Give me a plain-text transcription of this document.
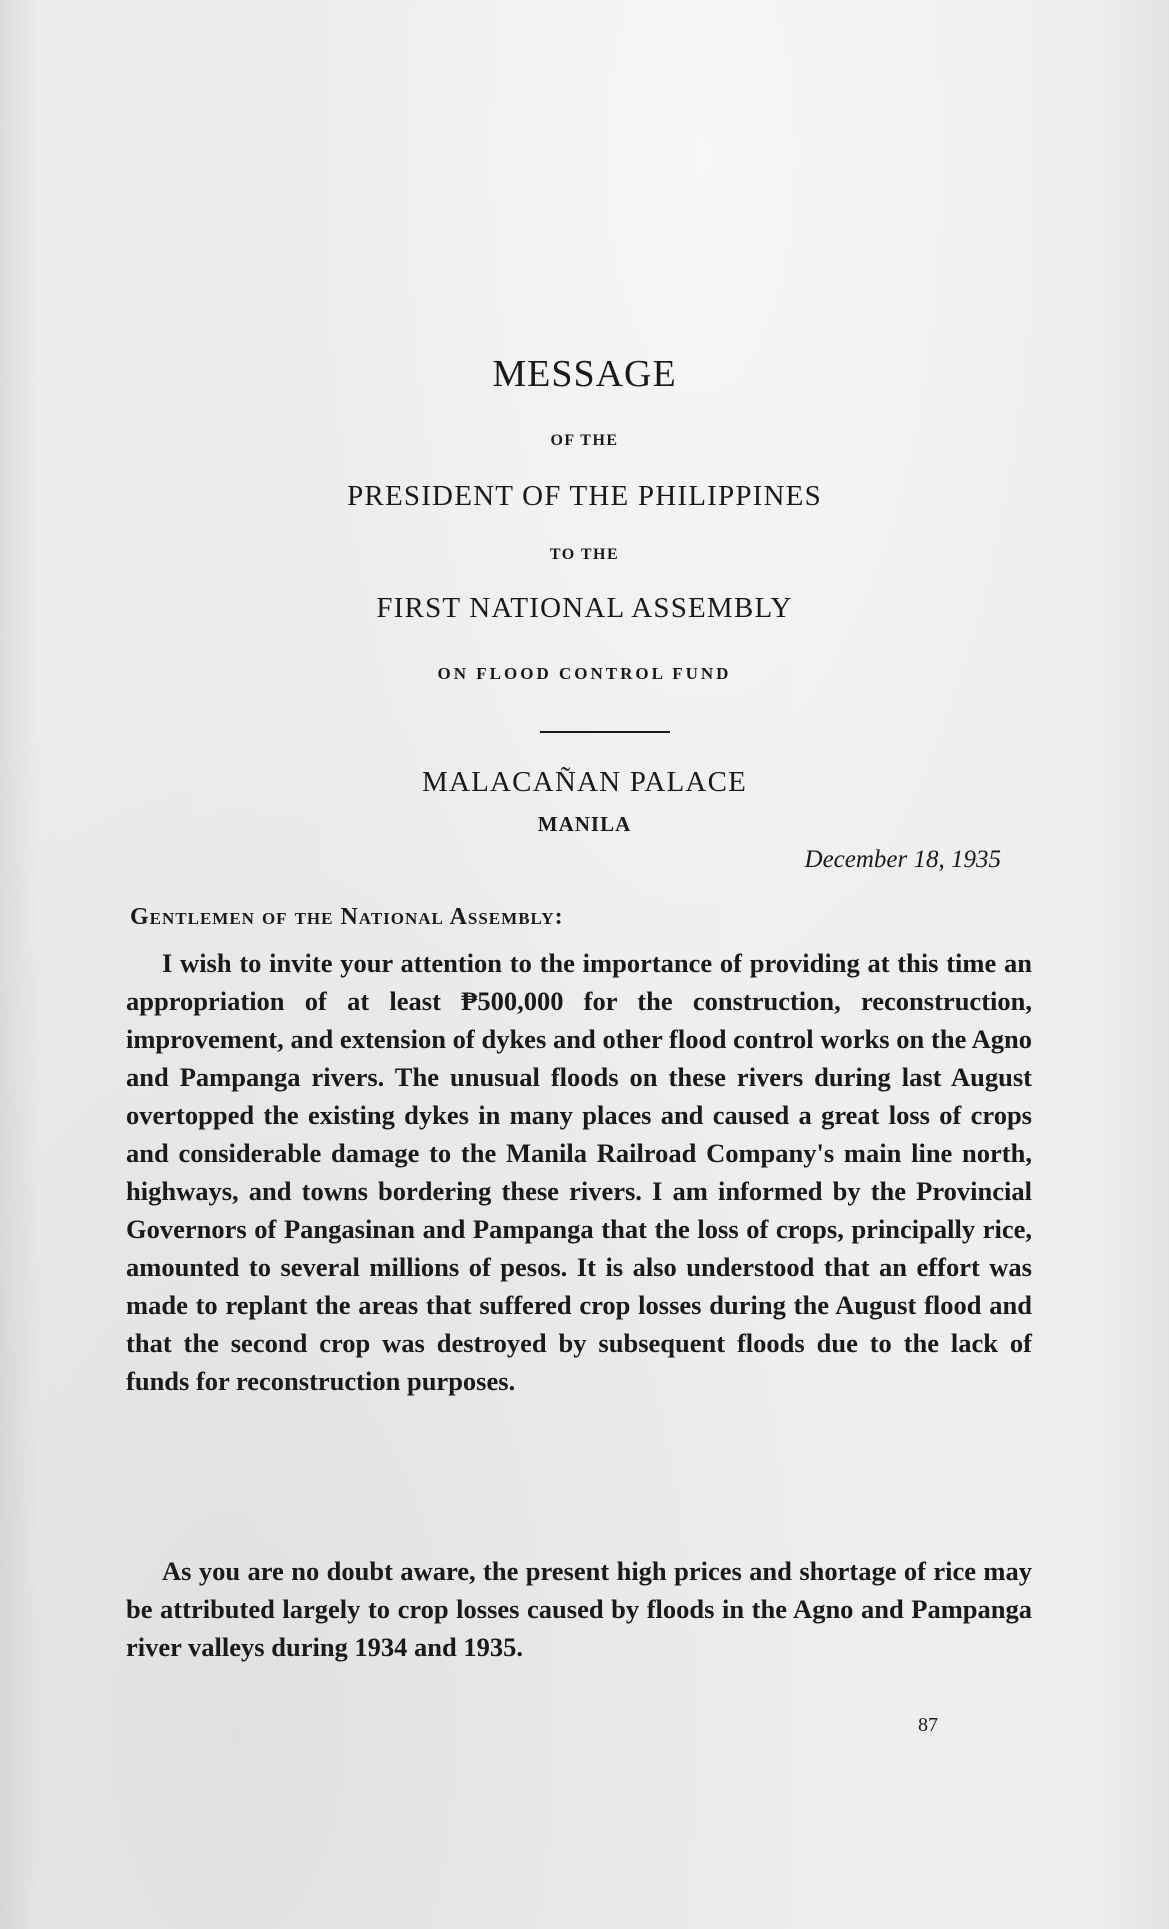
MESSAGE
OF THE
PRESIDENT OF THE PHILIPPINES
TO THE
FIRST NATIONAL ASSEMBLY
ON FLOOD CONTROL FUND
MALACAÑAN PALACE
MANILA
December 18, 1935
Gentlemen of the National Assembly:
I wish to invite your attention to the importance of providing at this time an appropriation of at least ₱500,000 for the construction, reconstruction, improvement, and extension of dykes and other flood control works on the Agno and Pampanga rivers. The unusual floods on these rivers during last August overtopped the existing dykes in many places and caused a great loss of crops and considerable damage to the Manila Railroad Company's main line north, highways, and towns bordering these rivers. I am informed by the Provincial Governors of Pangasinan and Pampanga that the loss of crops, principally rice, amounted to several millions of pesos. It is also understood that an effort was made to replant the areas that suffered crop losses during the August flood and that the second crop was destroyed by subsequent floods due to the lack of funds for reconstruction purposes.
As you are no doubt aware, the present high prices and shortage of rice may be attributed largely to crop losses caused by floods in the Agno and Pampanga river valleys during 1934 and 1935.
87
